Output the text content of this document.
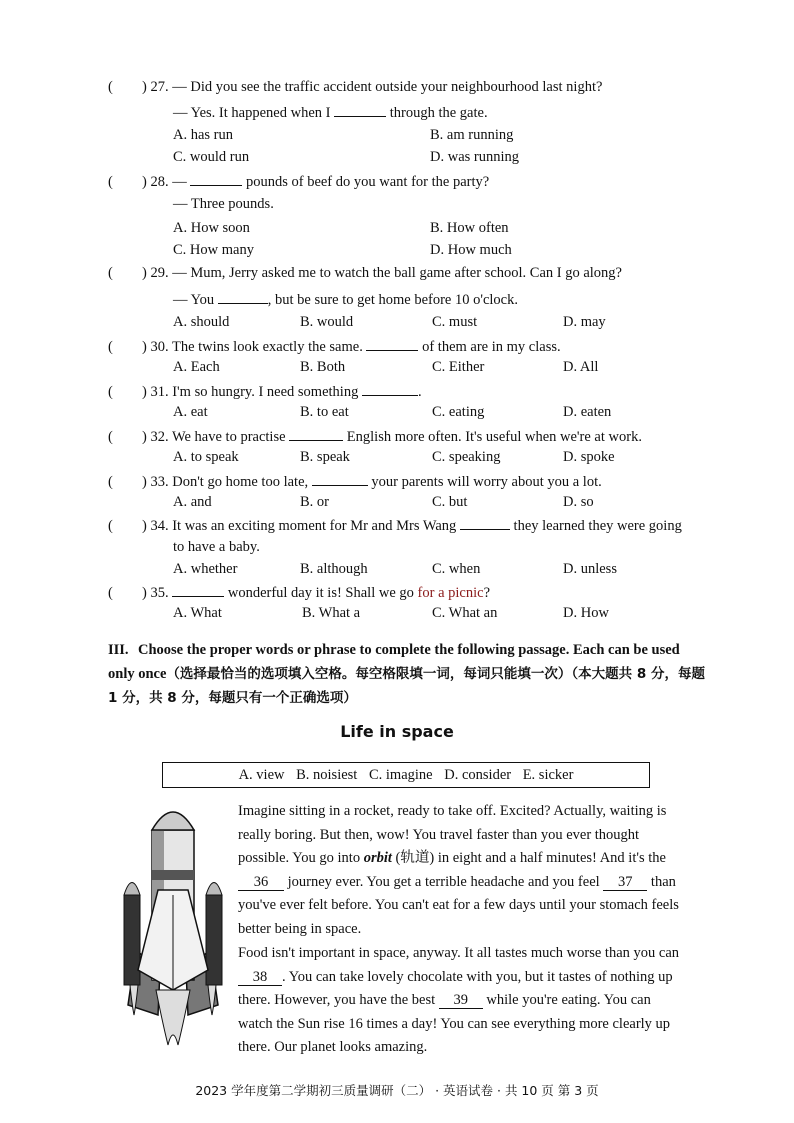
( ) 27. — Did you see the traffic accident outside your neighbourhood last night?
— Yes. It happened when I	through the gate.
A. has run	B. am running
C. would run	D. was running
( ) 28. —	pounds of beef do you want for the party?
— Three pounds.
A. How soon	B. How often
C. How many	D. How much
( ) 29. — Mum, Jerry asked me to watch the ball game after school. Can I go along?
— You	, but be sure to get home before 10 o'clock.
A. should	B. would	C. must	D. may
( ) 30. The twins look exactly the same.	of them are in my class.
A. Each	B. Both	C. Either	D. All
( ) 31. I'm so hungry. I need something	.
A. eat	B. to eat	C. eating	D. eaten
( ) 32. We have to practise	English more often. It's useful when we're at work.
A. to speak	B. speak	C. speaking	D. spoke
( ) 33. Don't go home too late,	your parents will worry about you a lot.
A. and	B. or	C. but	D. so
( ) 34. It was an exciting moment for Mr and Mrs Wang	they learned they were going
to have a baby.
A. whether	B. although	C. when	D. unless
( ) 35.	wonderful day it is! Shall we go for a picnic?
A. What	B. What a	C. What an	D. How
III. Choose the proper words or phrase to complete the following passage. Each can be used only once（选择最恰当的选项填入空格。每空格限填一词，每词只能填一次）（本大题共 8 分，每题 1 分，共 8 分，每题只有一个正确选项）
Life in space
A. view B. noisiest C. imagine D. consider E. sicker

Imagine sitting in a rocket, ready to take off. Excited? Actually, waiting is

really boring. But then, wow! You travel faster than you ever thought

possible. You go into orbit (轨道) in eight and a half minutes! And it's the

36 journey ever. You get a terrible headache and you feel 37 than

you've ever felt before. You can't eat for a few days until your stomach feels

better being in space.

Food isn't important in space, anyway. It all tastes much worse than you can

38 . You can take lovely chocolate with you, but it tastes of nothing up

there. However, you have the best 39 while you're eating. You can

watch the Sun rise 16 times a day! You can see everything more clearly up

there. Our planet looks amazing.

2023 学年度第二学期初三质量调研（二） · 英语试卷 · 共 10 页 第 3 页
